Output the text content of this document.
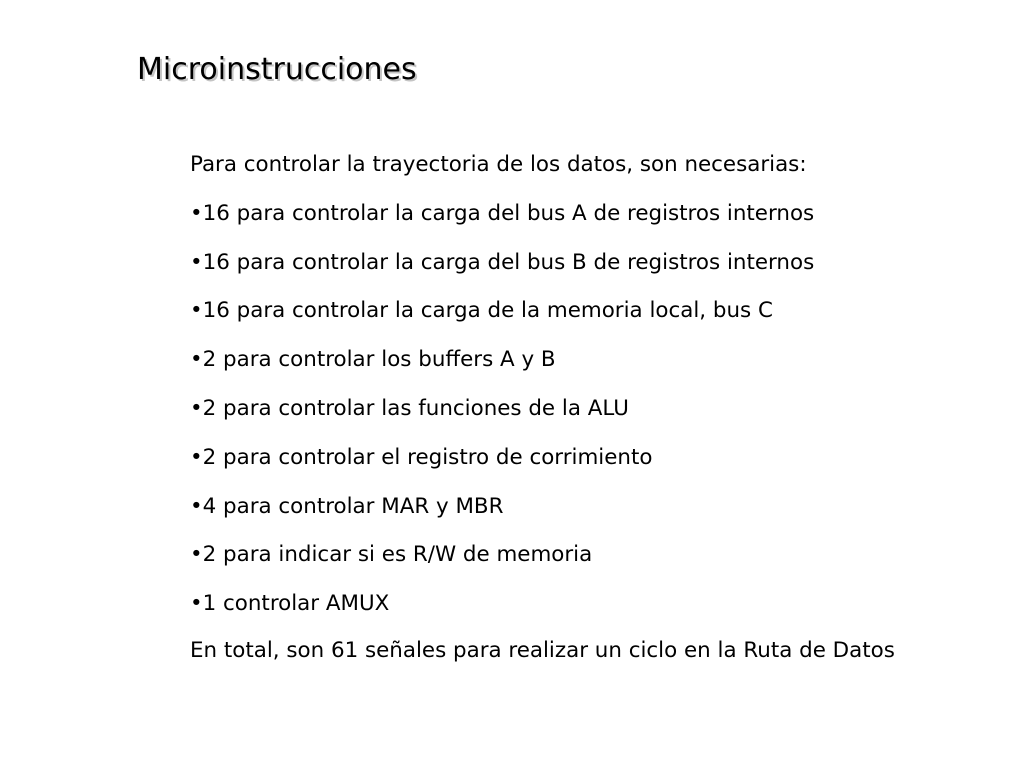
Microinstrucciones
Para controlar la trayectoria de los datos, son necesarias:
•16 para controlar la carga del bus A de registros internos
•16 para controlar la carga del bus B de registros internos
•16 para controlar la carga de la memoria local, bus C
•2 para controlar los buffers A y B
•2 para controlar las funciones de la ALU
•2 para controlar el registro de corrimiento
•4 para controlar MAR y MBR
•2 para indicar si es R/W de memoria
•1 controlar AMUX
En total, son 61 señales para realizar un ciclo en la Ruta de Datos
